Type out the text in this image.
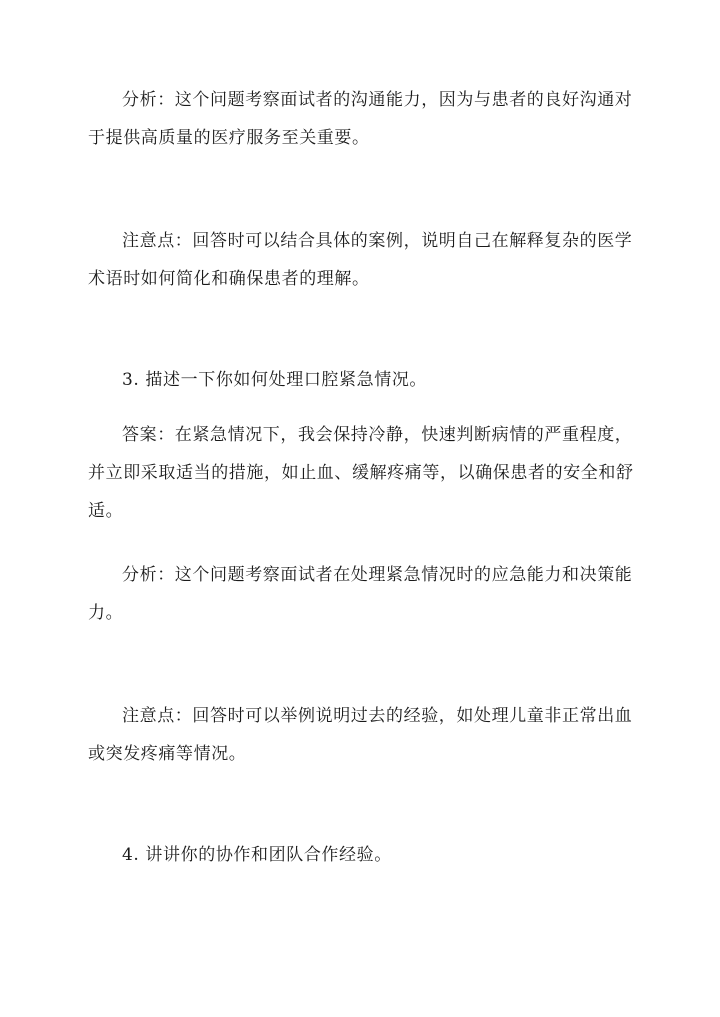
分析：这个问题考察面试者的沟通能力，因为与患者的良好沟通对于提供高质量的医疗服务至关重要。

注意点：回答时可以结合具体的案例，说明自己在解释复杂的医学术语时如何简化和确保患者的理解。

3. 描述一下你如何处理口腔紧急情况。

答案：在紧急情况下，我会保持冷静，快速判断病情的严重程度，并立即采取适当的措施，如止血、缓解疼痛等，以确保患者的安全和舒适。

分析：这个问题考察面试者在处理紧急情况时的应急能力和决策能力。

注意点：回答时可以举例说明过去的经验，如处理儿童非正常出血或突发疼痛等情况。

4. 讲讲你的协作和团队合作经验。
